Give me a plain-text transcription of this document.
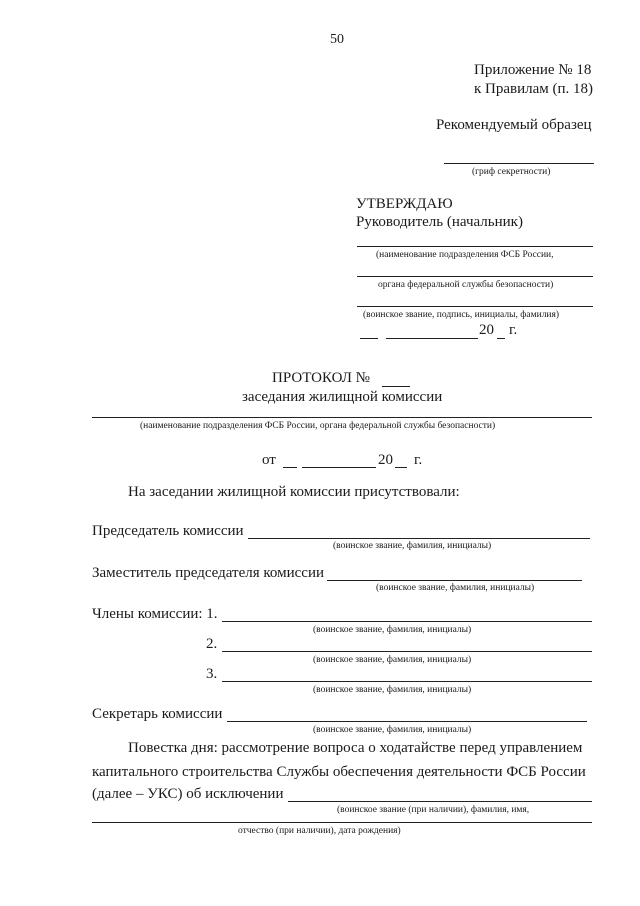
50
Приложение № 18
к Правилам (п. 18)
Рекомендуемый образец
(гриф секретности)
УТВЕРЖДАЮ
Руководитель (начальник)
(наименование подразделения ФСБ России,
органа федеральной службы безопасности)
(воинское звание, подпись, инициалы, фамилия)
20 г.
ПРОТОКОЛ №
заседания жилищной комиссии
(наименование подразделения ФСБ России, органа федеральной службы безопасности)
от	20 г.
На заседании жилищной комиссии присутствовали:
Председатель комиссии
(воинское звание, фамилия, инициалы)
Заместитель председателя комиссии
(воинское звание, фамилия, инициалы)
Члены комиссии: 1.
(воинское звание, фамилия, инициалы)
2.
(воинское звание, фамилия, инициалы)
3.
(воинское звание, фамилия, инициалы)
Секретарь комиссии
(воинское звание, фамилия, инициалы)
Повестка дня: рассмотрение вопроса о ходатайстве перед управлением
капитального строительства Службы обеспечения деятельности ФСБ России
(далее – УКС) об исключении
(воинское звание (при наличии), фамилия, имя,
отчество (при наличии), дата рождения)
